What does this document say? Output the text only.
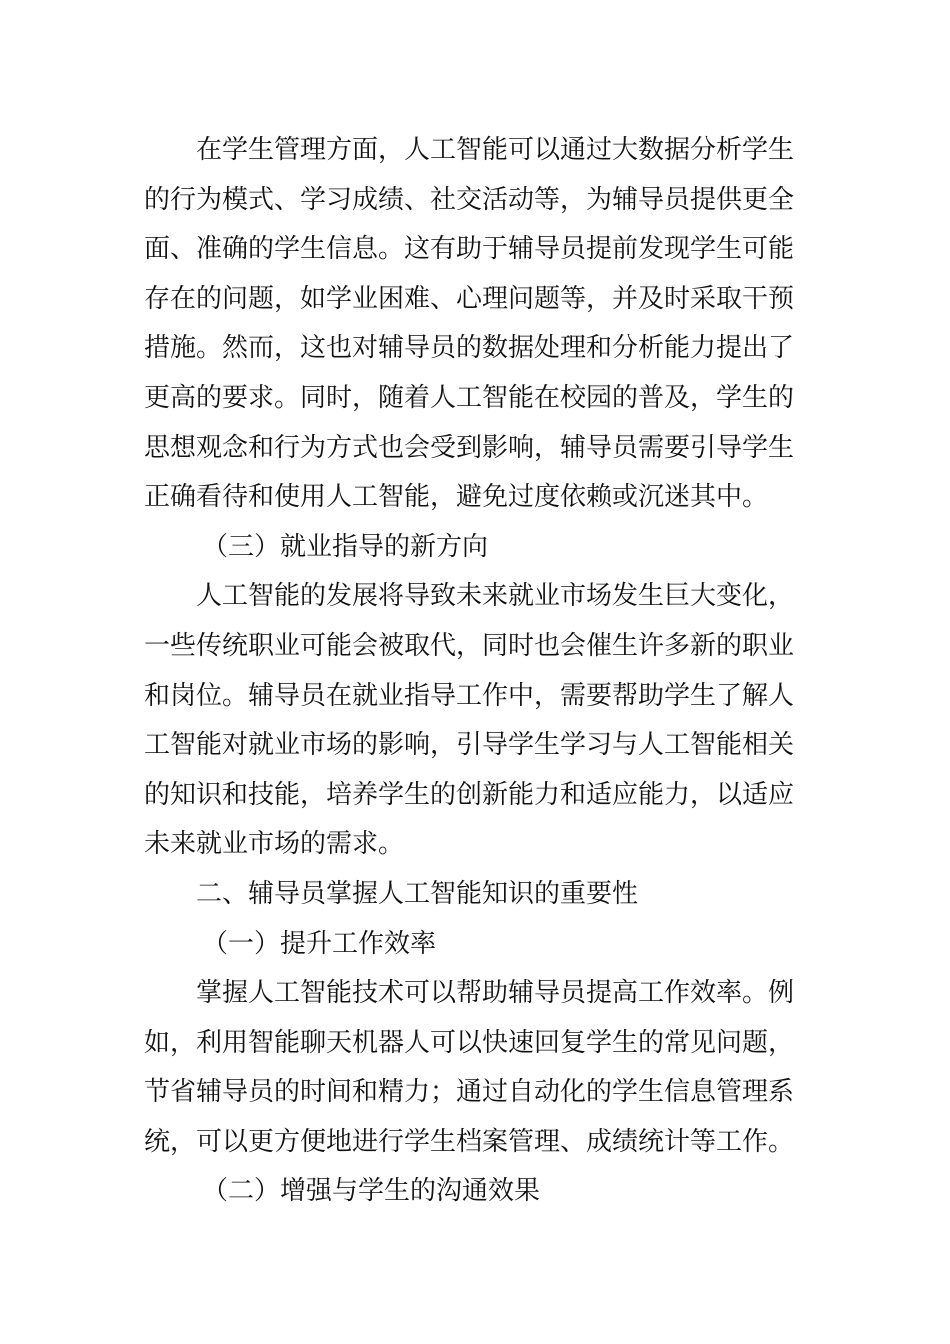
在学生管理方面，人工智能可以通过大数据分析学生
的行为模式、学习成绩、社交活动等，为辅导员提供更全
面、准确的学生信息。这有助于辅导员提前发现学生可能
存在的问题，如学业困难、心理问题等，并及时采取干预
措施。然而，这也对辅导员的数据处理和分析能力提出了
更高的要求。同时，随着人工智能在校园的普及，学生的
思想观念和行为方式也会受到影响，辅导员需要引导学生
正确看待和使用人工智能，避免过度依赖或沉迷其中。
（三）就业指导的新方向
人工智能的发展将导致未来就业市场发生巨大变化，
一些传统职业可能会被取代，同时也会催生许多新的职业
和岗位。辅导员在就业指导工作中，需要帮助学生了解人
工智能对就业市场的影响，引导学生学习与人工智能相关
的知识和技能，培养学生的创新能力和适应能力，以适应
未来就业市场的需求。
二、辅导员掌握人工智能知识的重要性
（一）提升工作效率
掌握人工智能技术可以帮助辅导员提高工作效率。例
如，利用智能聊天机器人可以快速回复学生的常见问题，
节省辅导员的时间和精力；通过自动化的学生信息管理系
统，可以更方便地进行学生档案管理、成绩统计等工作。
（二）增强与学生的沟通效果
